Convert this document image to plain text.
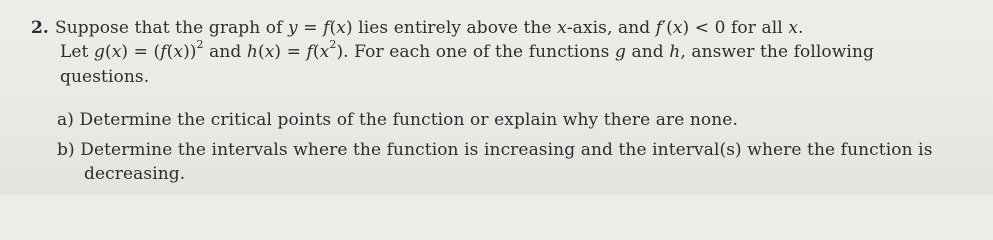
2. Suppose that the graph of y = f(x) lies entirely above the x-axis, and f′(x) < 0 for all x.
Let $g(x) = (f(x))^2$ and $h(x) = f(x^2)$. For each one of the functions g and h, answer the following
questions.
a) Determine the critical points of the function or explain why there are none.
b) Determine the intervals where the function is increasing and the interval(s) where the function is
decreasing.
